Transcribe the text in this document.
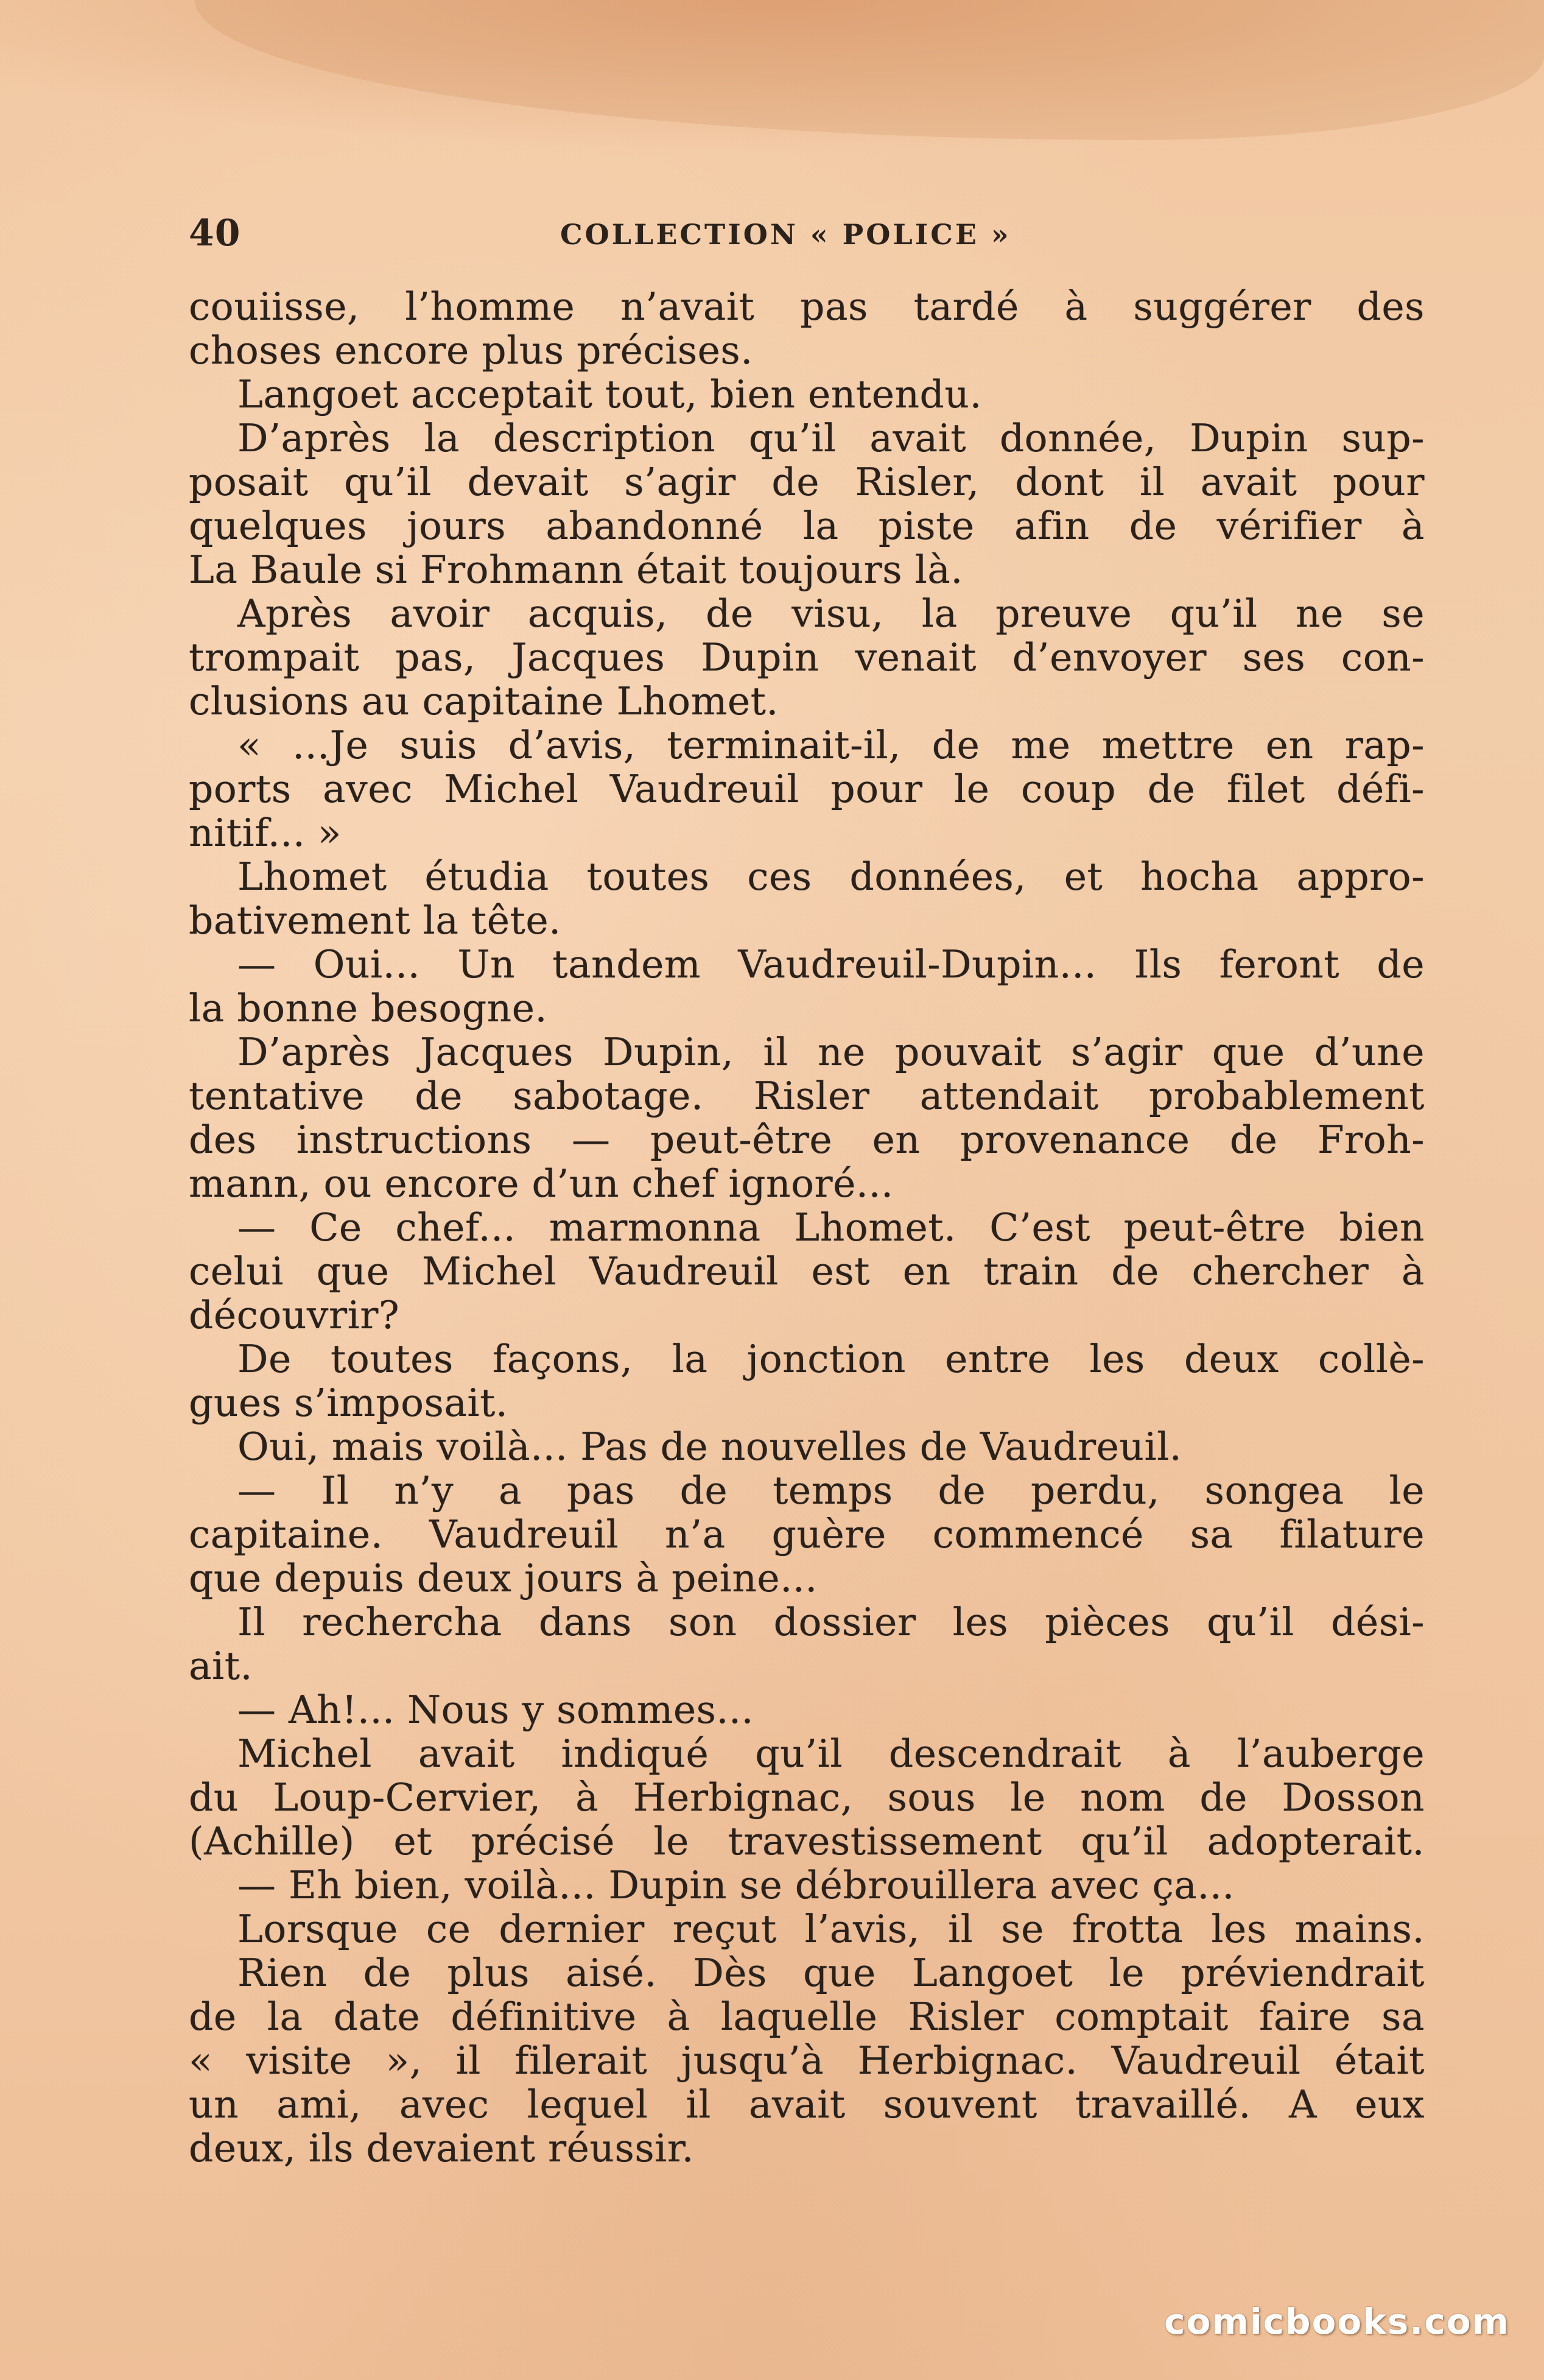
40	COLLECTION « POLICE »
couiisse, l’homme n’avait pas tardé à suggérer des
choses encore plus précises.
Langoet acceptait tout, bien entendu.
D’après la description qu’il avait donnée, Dupin sup-
posait qu’il devait s’agir de Risler, dont il avait pour
quelques jours abandonné la piste afin de vérifier à
La Baule si Frohmann était toujours là.
Après avoir acquis, de visu, la preuve qu’il ne se
trompait pas, Jacques Dupin venait d’envoyer ses con-
clusions au capitaine Lhomet.
« ...Je suis d’avis, terminait-il, de me mettre en rap-
ports avec Michel Vaudreuil pour le coup de filet défi-
nitif... »
Lhomet étudia toutes ces données, et hocha appro-
bativement la tête.
— Oui... Un tandem Vaudreuil-Dupin... Ils feront de
la bonne besogne.
D’après Jacques Dupin, il ne pouvait s’agir que d’une
tentative de sabotage. Risler attendait probablement
des instructions — peut-être en provenance de Froh-
mann, ou encore d’un chef ignoré...
— Ce chef... marmonna Lhomet. C’est peut-être bien
celui que Michel Vaudreuil est en train de chercher à
découvrir?
De toutes façons, la jonction entre les deux collè-
gues s’imposait.
Oui, mais voilà... Pas de nouvelles de Vaudreuil.
— Il n’y a pas de temps de perdu, songea le
capitaine. Vaudreuil n’a guère commencé sa filature
que depuis deux jours à peine...
Il rechercha dans son dossier les pièces qu’il dési-
ait.
— Ah!... Nous y sommes...
Michel avait indiqué qu’il descendrait à l’auberge
du Loup-Cervier, à Herbignac, sous le nom de Dosson
(Achille) et précisé le travestissement qu’il adopterait.
— Eh bien, voilà... Dupin se débrouillera avec ça...
Lorsque ce dernier reçut l’avis, il se frotta les mains.
Rien de plus aisé. Dès que Langoet le préviendrait
de la date définitive à laquelle Risler comptait faire sa
« visite », il filerait jusqu’à Herbignac. Vaudreuil était
un ami, avec lequel il avait souvent travaillé. A eux
deux, ils devaient réussir.
comicbooks.com
